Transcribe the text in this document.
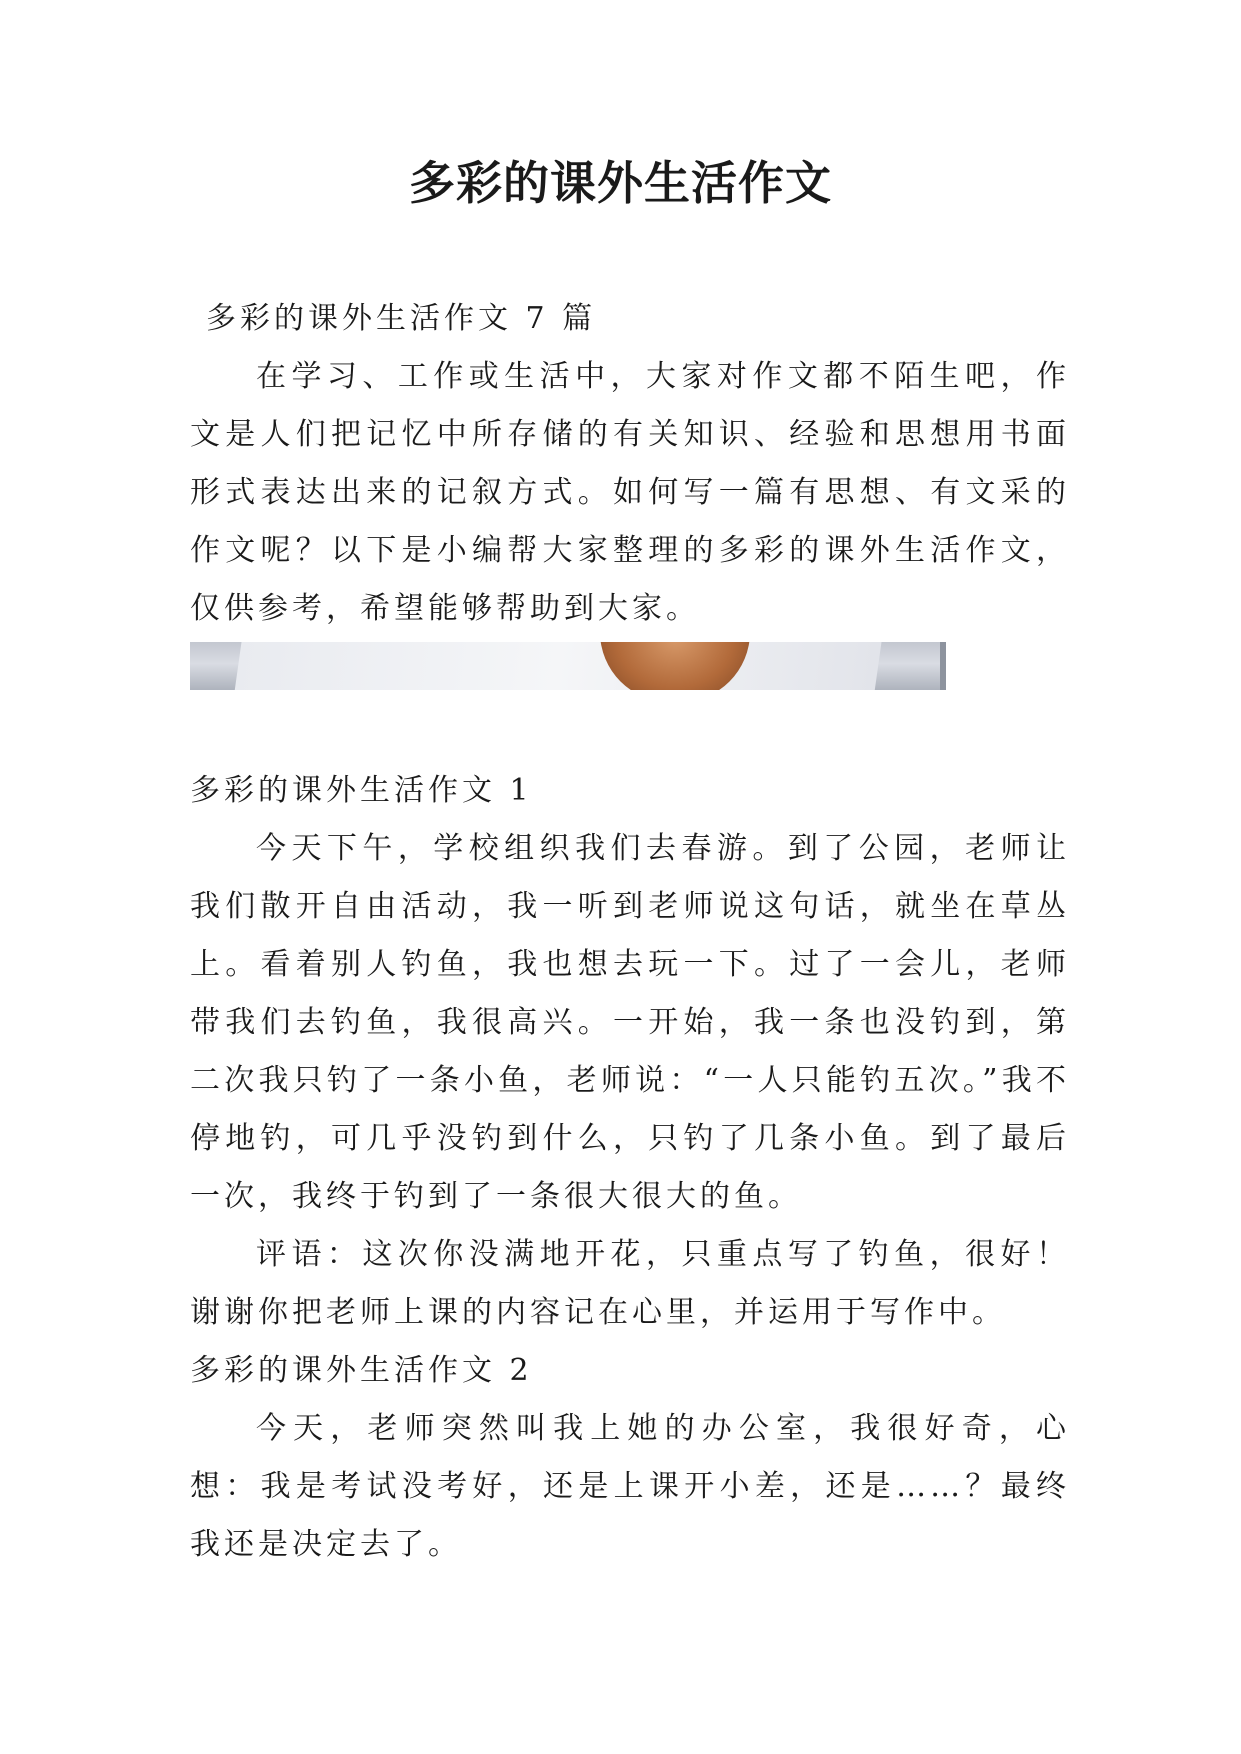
多彩的课外生活作文

多彩的课外生活作文 7 篇

在学习、工作或生活中，大家对作文都不陌生吧，作文是人们把记忆中所存储的有关知识、经验和思想用书面形式表达出来的记叙方式。如何写一篇有思想、有文采的作文呢？以下是小编帮大家整理的多彩的课外生活作文，仅供参考，希望能够帮助到大家。

多彩的课外生活作文 1

今天下午，学校组织我们去春游。到了公园，老师让我们散开自由活动，我一听到老师说这句话，就坐在草丛上。看着别人钓鱼，我也想去玩一下。过了一会儿，老师带我们去钓鱼，我很高兴。一开始，我一条也没钓到，第二次我只钓了一条小鱼，老师说：“一人只能钓五次。”我不停地钓，可几乎没钓到什么，只钓了几条小鱼。到了最后一次，我终于钓到了一条很大很大的鱼。

评语：这次你没满地开花，只重点写了钓鱼，很好！谢谢你把老师上课的内容记在心里，并运用于写作中。

多彩的课外生活作文 2

今天，老师突然叫我上她的办公室，我很好奇，心想：我是考试没考好，还是上课开小差，还是……？最终我还是决定去了。
